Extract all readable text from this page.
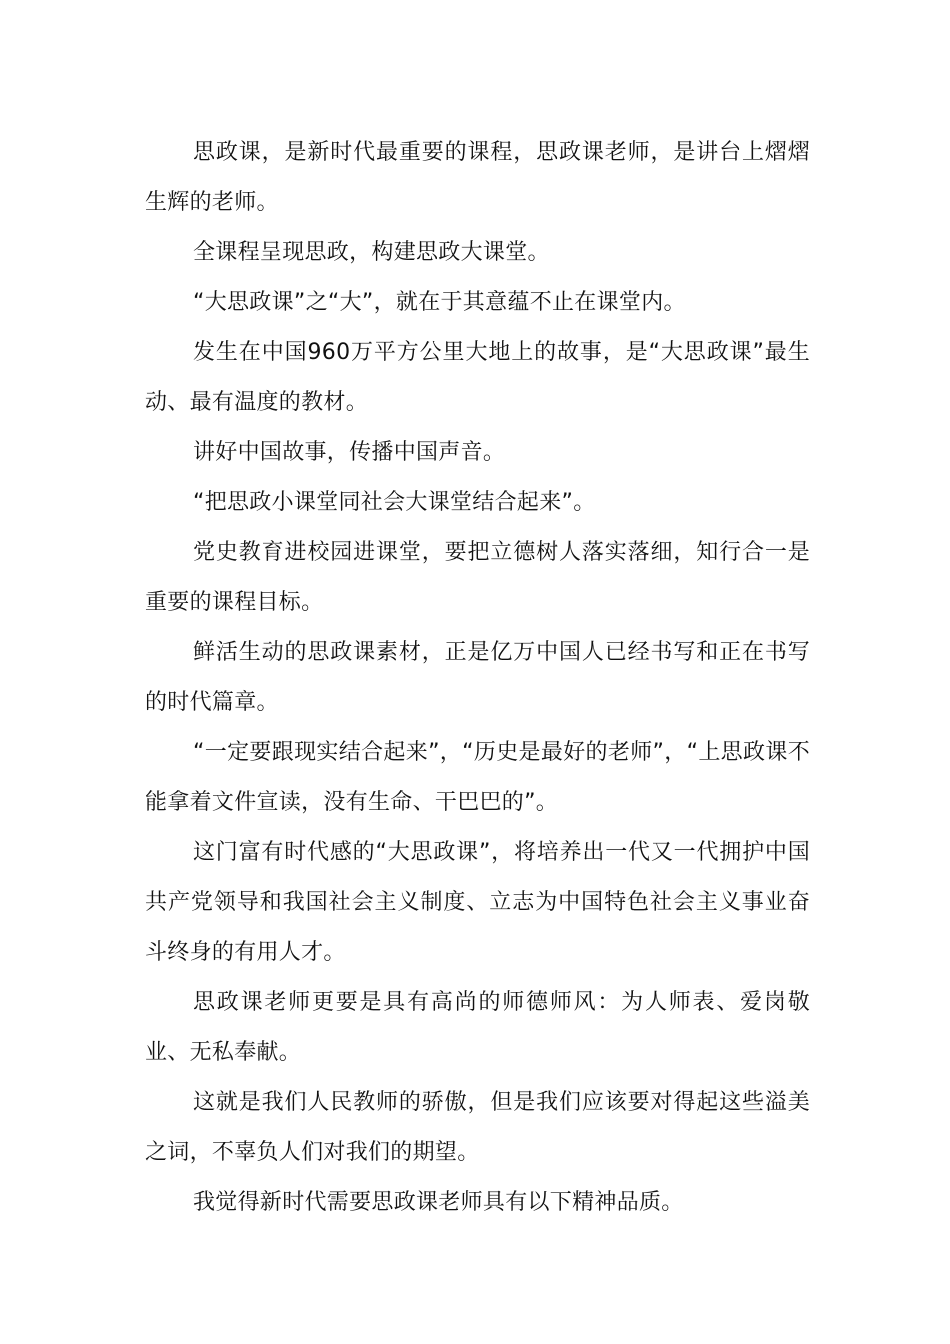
思政课，是新时代最重要的课程，思政课老师，是讲台上熠熠生辉的老师。

全课程呈现思政，构建思政大课堂。

“大思政课”之“大”，就在于其意蕴不止在课堂内。

发生在中国960万平方公里大地上的故事，是“大思政课”最生动、最有温度的教材。

讲好中国故事，传播中国声音。

“把思政小课堂同社会大课堂结合起来”。

党史教育进校园进课堂，要把立德树人落实落细，知行合一是重要的课程目标。

鲜活生动的思政课素材，正是亿万中国人已经书写和正在书写的时代篇章。

“一定要跟现实结合起来”，“历史是最好的老师”，“上思政课不能拿着文件宣读，没有生命、干巴巴的”。

这门富有时代感的“大思政课”，将培养出一代又一代拥护中国共产党领导和我国社会主义制度、立志为中国特色社会主义事业奋斗终身的有用人才。

思政课老师更要是具有高尚的师德师风：为人师表、爱岗敬业、无私奉献。

这就是我们人民教师的骄傲，但是我们应该要对得起这些溢美之词，不辜负人们对我们的期望。

我觉得新时代需要思政课老师具有以下精神品质。
